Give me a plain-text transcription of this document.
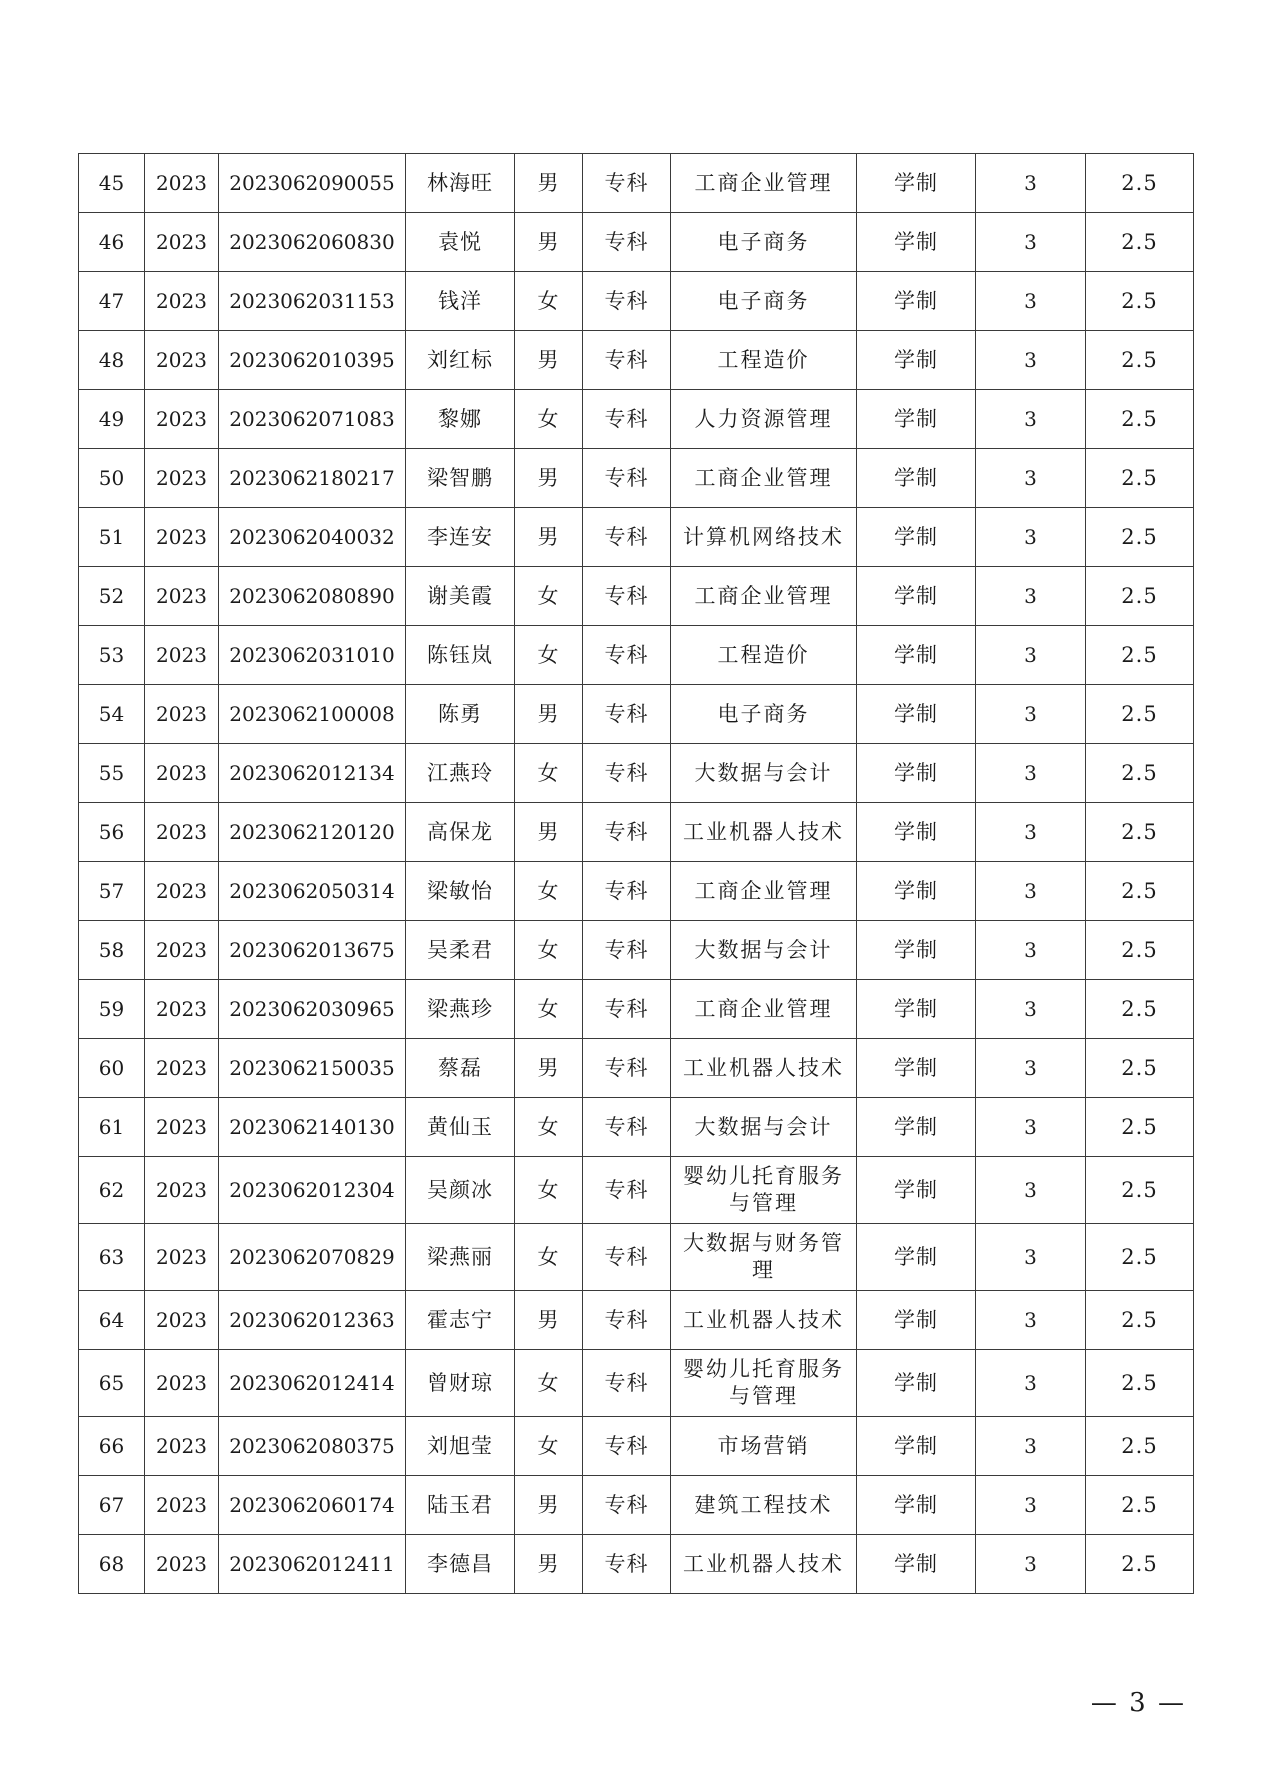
45	2023	2023062090055	林海旺	男	专科	工商企业管理	学制	3	2.5
46	2023	2023062060830	袁悦	男	专科	电子商务	学制	3	2.5
47	2023	2023062031153	钱洋	女	专科	电子商务	学制	3	2.5
48	2023	2023062010395	刘红标	男	专科	工程造价	学制	3	2.5
49	2023	2023062071083	黎娜	女	专科	人力资源管理	学制	3	2.5
50	2023	2023062180217	梁智鹏	男	专科	工商企业管理	学制	3	2.5
51	2023	2023062040032	李连安	男	专科	计算机网络技术	学制	3	2.5
52	2023	2023062080890	谢美霞	女	专科	工商企业管理	学制	3	2.5
53	2023	2023062031010	陈钰岚	女	专科	工程造价	学制	3	2.5
54	2023	2023062100008	陈勇	男	专科	电子商务	学制	3	2.5
55	2023	2023062012134	江燕玲	女	专科	大数据与会计	学制	3	2.5
56	2023	2023062120120	高保龙	男	专科	工业机器人技术	学制	3	2.5
57	2023	2023062050314	梁敏怡	女	专科	工商企业管理	学制	3	2.5
58	2023	2023062013675	吴柔君	女	专科	大数据与会计	学制	3	2.5
59	2023	2023062030965	梁燕珍	女	专科	工商企业管理	学制	3	2.5
60	2023	2023062150035	蔡磊	男	专科	工业机器人技术	学制	3	2.5
61	2023	2023062140130	黄仙玉	女	专科	大数据与会计	学制	3	2.5
62	2023	2023062012304	吴颜冰	女	专科	婴幼儿托育服务与管理	学制	3	2.5
63	2023	2023062070829	梁燕丽	女	专科	大数据与财务管理	学制	3	2.5
64	2023	2023062012363	霍志宁	男	专科	工业机器人技术	学制	3	2.5
65	2023	2023062012414	曾财琼	女	专科	婴幼儿托育服务与管理	学制	3	2.5
66	2023	2023062080375	刘旭莹	女	专科	市场营销	学制	3	2.5
67	2023	2023062060174	陆玉君	男	专科	建筑工程技术	学制	3	2.5
68	2023	2023062012411	李德昌	男	专科	工业机器人技术	学制	3	2.5
— 3 —
